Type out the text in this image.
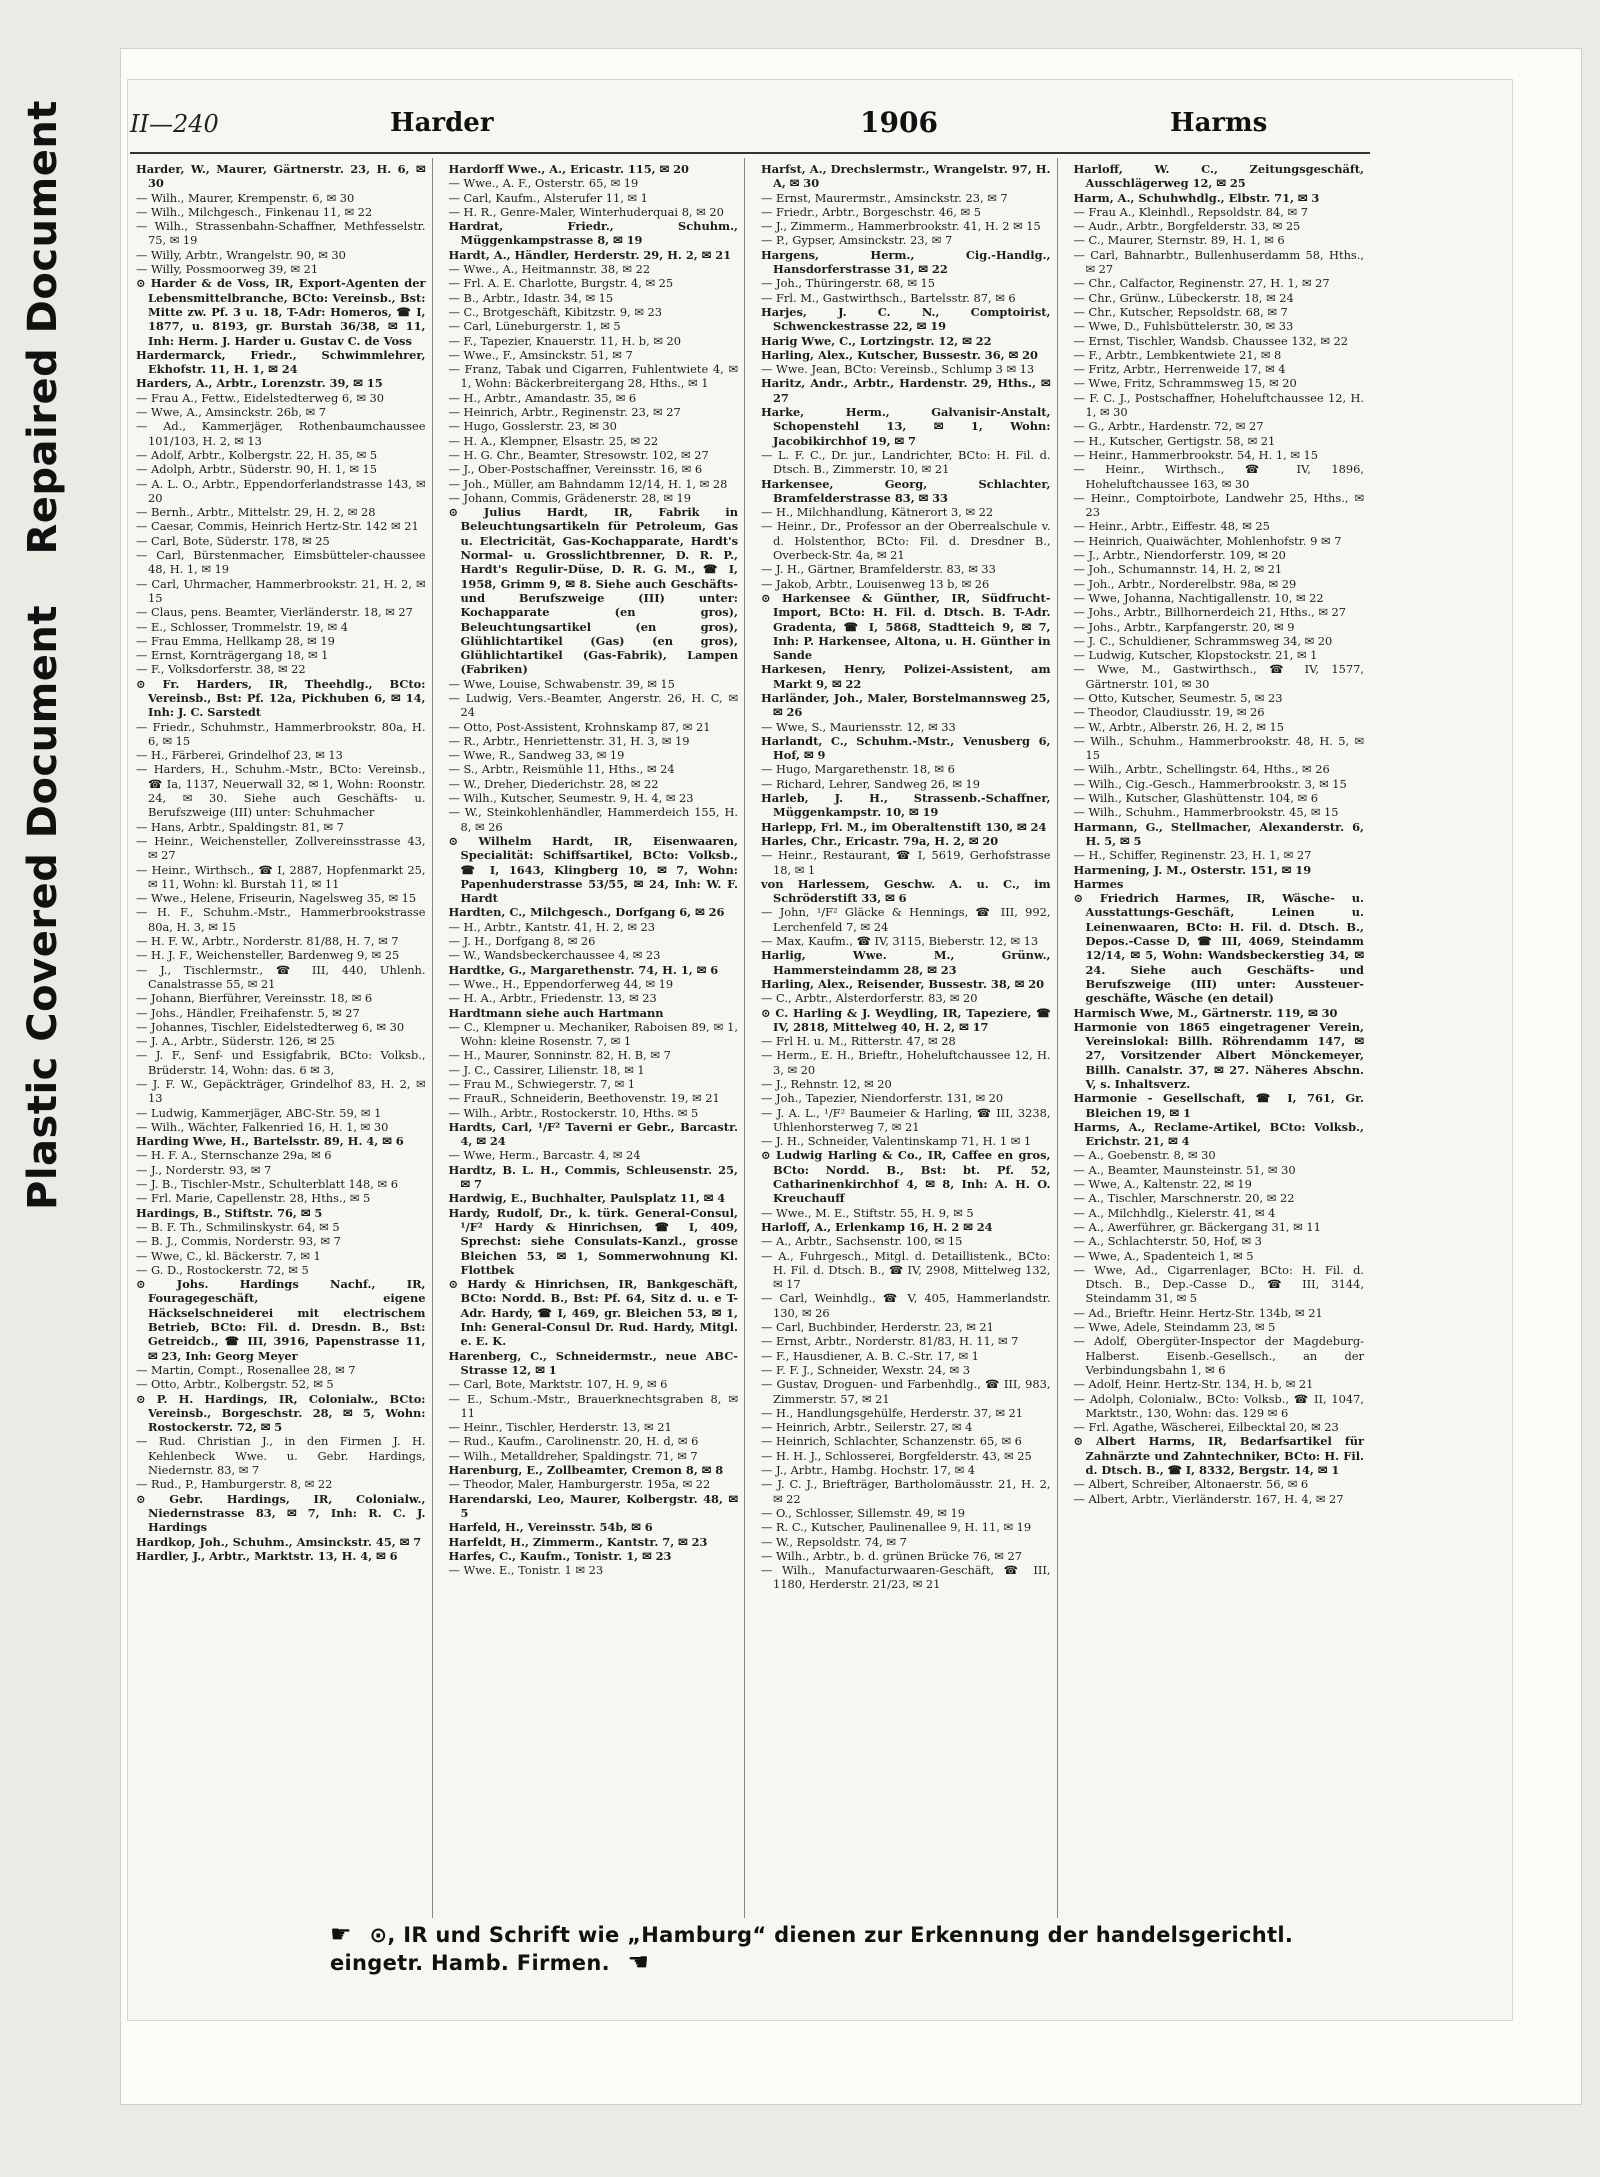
Plastic Covered Document Repaired Document	II—240	Harder	1906	Harms

Harder, W., Maurer, Gärtnerstr. 23, H. 6, ✉ 30

— Wilh., Maurer, Krempenstr. 6, ✉ 30

— Wilh., Milchgesch., Finkenau 11, ✉ 22

— Wilh., Strassenbahn-Schaffner, Methfesselstr. 75, ✉ 19

— Willy, Arbtr., Wrangelstr. 90, ✉ 30

— Willy, Possmoorweg 39, ✉ 21

⊙ Harder & de Voss, IR, Export-Agenten der Lebensmittelbranche, BCto: Vereinsb., Bst: Mitte zw. Pf. 3 u. 18, T-Adr: Homeros, ☎ I, 1877, u. 8193, gr. Burstah 36/38, ✉ 11, Inh: Herm. J. Harder u. Gustav C. de Voss

Hardermarck, Friedr., Schwimmlehrer, Ekhofstr. 11, H. 1, ✉ 24

Harders, A., Arbtr., Lorenzstr. 39, ✉ 15

— Frau A., Fettw., Eidelstedterweg 6, ✉ 30

— Wwe, A., Amsinckstr. 26b, ✉ 7

— Ad., Kammerjäger, Rothenbaumchaussee 101/103, H. 2, ✉ 13

— Adolf, Arbtr., Kolbergstr. 22, H. 35, ✉ 5

— Adolph, Arbtr., Süderstr. 90, H. 1, ✉ 15

— A. L. O., Arbtr., Eppendorferlandstrasse 143, ✉ 20

— Bernh., Arbtr., Mittelstr. 29, H. 2, ✉ 28

— Caesar, Commis, Heinrich Hertz-Str. 142 ✉ 21

— Carl, Bote, Süderstr. 178, ✉ 25

— Carl, Bürstenmacher, Eimsbütteler-chaussee 48, H. 1, ✉ 19

— Carl, Uhrmacher, Hammerbrookstr. 21, H. 2, ✉ 15

— Claus, pens. Beamter, Vierländerstr. 18, ✉ 27

— E., Schlosser, Trommelstr. 19, ✉ 4

— Frau Emma, Hellkamp 28, ✉ 19

— Ernst, Kornträgergang 18, ✉ 1

— F., Volksdorferstr. 38, ✉ 22

⊙ Fr. Harders, IR, Theehdlg., BCto: Vereinsb., Bst: Pf. 12a, Pickhuben 6, ✉ 14, Inh: J. C. Sarstedt

— Friedr., Schuhmstr., Hammerbrookstr. 80a, H. 6, ✉ 15

— H., Färberei, Grindelhof 23, ✉ 13

— Harders, H., Schuhm.-Mstr., BCto: Vereinsb., ☎ Ia, 1137, Neuerwall 32, ✉ 1, Wohn: Roonstr. 24, ✉ 30. Siehe auch Geschäfts- u. Berufszweige (III) unter: Schuhmacher

— Hans, Arbtr., Spaldingstr. 81, ✉ 7

— Heinr., Weichensteller, Zollvereinsstrasse 43, ✉ 27

— Heinr., Wirthsch., ☎ I, 2887, Hopfenmarkt 25, ✉ 11, Wohn: kl. Burstah 11, ✉ 11

— Wwe., Helene, Friseurin, Nagelsweg 35, ✉ 15

— H. F., Schuhm.-Mstr., Hammerbrookstrasse 80a, H. 3, ✉ 15

— H. F. W., Arbtr., Norderstr. 81/88, H. 7, ✉ 7

— H. J. F., Weichensteller, Bardenweg 9, ✉ 25

— J., Tischlermstr., ☎ III, 440, Uhlenh. Canalstrasse 55, ✉ 21

— Johann, Bierführer, Vereinsstr. 18, ✉ 6

— Johs., Händler, Freihafenstr. 5, ✉ 27

— Johannes, Tischler, Eidelstedterweg 6, ✉ 30

— J. A., Arbtr., Süderstr. 126, ✉ 25

— J. F., Senf- und Essigfabrik, BCto: Volksb., Brüderstr. 14, Wohn: das. 6 ✉ 3,

— J. F. W., Gepäckträger, Grindelhof 83, H. 2, ✉ 13

— Ludwig, Kammerjäger, ABC-Str. 59, ✉ 1

— Wilh., Wächter, Falkenried 16, H. 1, ✉ 30

Harding Wwe, H., Bartelsstr. 89, H. 4, ✉ 6

— H. F. A., Sternschanze 29a, ✉ 6

— J., Norderstr. 93, ✉ 7

— J. B., Tischler-Mstr., Schulterblatt 148, ✉ 6

— Frl. Marie, Capellenstr. 28, Hths., ✉ 5

Hardings, B., Stiftstr. 76, ✉ 5

— B. F. Th., Schmilinskystr. 64, ✉ 5

— B. J., Commis, Norderstr. 93, ✉ 7

— Wwe, C., kl. Bäckerstr. 7, ✉ 1

— G. D., Rostockerstr. 72, ✉ 5

⊙ Johs. Hardings Nachf., IR, Fouragegeschäft, eigene Häckselschneiderei mit electrischem Betrieb, BCto: Fil. d. Dresdn. B., Bst: Getreidcb., ☎ III, 3916, Papenstrasse 11, ✉ 23, Inh: Georg Meyer

— Martin, Compt., Rosenallee 28, ✉ 7

— Otto, Arbtr., Kolbergstr. 52, ✉ 5

⊙ P. H. Hardings, IR, Colonialw., BCto: Vereinsb., Borgeschstr. 28, ✉ 5, Wohn: Rostockerstr. 72, ✉ 5

— Rud. Christian J., in den Firmen J. H. Kehlenbeck Wwe. u. Gebr. Hardings, Niedernstr. 83, ✉ 7

— Rud., P., Hamburgerstr. 8, ✉ 22

⊙ Gebr. Hardings, IR, Colonialw., Niedernstrasse 83, ✉ 7, Inh: R. C. J. Hardings

Hardkop, Joh., Schuhm., Amsinckstr. 45, ✉ 7

Hardler, J., Arbtr., Marktstr. 13, H. 4, ✉ 6

Hardorff Wwe., A., Ericastr. 115, ✉ 20

— Wwe., A. F., Osterstr. 65, ✉ 19

— Carl, Kaufm., Alsterufer 11, ✉ 1

— H. R., Genre-Maler, Winterhuderquai 8, ✉ 20

Hardrat, Friedr., Schuhm., Müggenkampstrasse 8, ✉ 19

Hardt, A., Händler, Herderstr. 29, H. 2, ✉ 21

— Wwe., A., Heitmannstr. 38, ✉ 22

— Frl. A. E. Charlotte, Burgstr. 4, ✉ 25

— B., Arbtr., Idastr. 34, ✉ 15

— C., Brotgeschäft, Kibitzstr. 9, ✉ 23

— Carl, Lüneburgerstr. 1, ✉ 5

— F., Tapezier, Knauerstr. 11, H. b, ✉ 20

— Wwe., F., Amsinckstr. 51, ✉ 7

— Franz, Tabak und Cigarren, Fuhlentwiete 4, ✉ 1, Wohn: Bäckerbreitergang 28, Hths., ✉ 1

— H., Arbtr., Amandastr. 35, ✉ 6

— Heinrich, Arbtr., Reginenstr. 23, ✉ 27

— Hugo, Gosslerstr. 23, ✉ 30

— H. A., Klempner, Elsastr. 25, ✉ 22

— H. G. Chr., Beamter, Stresowstr. 102, ✉ 27

— J., Ober-Postschaffner, Vereinsstr. 16, ✉ 6

— Joh., Müller, am Bahndamm 12/14, H. 1, ✉ 28

— Johann, Commis, Grädenerstr. 28, ✉ 19

⊙ Julius Hardt, IR, Fabrik in Beleuchtungsartikeln für Petroleum, Gas u. Electricität, Gas-Kochapparate, Hardt's Normal- u. Grosslichtbrenner, D. R. P., Hardt's Regulir-Düse, D. R. G. M., ☎ I, 1958, Grimm 9, ✉ 8. Siehe auch Geschäfts- und Berufszweige (III) unter: Kochapparate (en gros), Beleuchtungsartikel (en gros), Glühlichtartikel (Gas) (en gros), Glühlichtartikel (Gas-Fabrik), Lampen (Fabriken)

— Wwe, Louise, Schwabenstr. 39, ✉ 15

— Ludwig, Vers.-Beamter, Angerstr. 26, H. C, ✉ 24

— Otto, Post-Assistent, Krohnskamp 87, ✉ 21

— R., Arbtr., Henriettenstr. 31, H. 3, ✉ 19

— Wwe, R., Sandweg 33, ✉ 19

— S., Arbtr., Reismühle 11, Hths., ✉ 24

— W., Dreher, Diederichstr. 28, ✉ 22

— Wilh., Kutscher, Seumestr. 9, H. 4, ✉ 23

— W., Steinkohlenhändler, Hammerdeich 155, H. 8, ✉ 26

⊙ Wilhelm Hardt, IR, Eisenwaaren, Specialität: Schiffsartikel, BCto: Volksb., ☎ I, 1643, Klingberg 10, ✉ 7, Wohn: Papenhuderstrasse 53/55, ✉ 24, Inh: W. F. Hardt

Hardten, C., Milchgesch., Dorfgang 6, ✉ 26

— H., Arbtr., Kantstr. 41, H. 2, ✉ 23

— J. H., Dorfgang 8, ✉ 26

— W., Wandsbeckerchaussee 4, ✉ 23

Hardtke, G., Margarethenstr. 74, H. 1, ✉ 6

— Wwe., H., Eppendorferweg 44, ✉ 19

— H. A., Arbtr., Friedenstr. 13, ✉ 23

Hardtmann siehe auch Hartmann

— C., Klempner u. Mechaniker, Raboisen 89, ✉ 1, Wohn: kleine Rosenstr. 7, ✉ 1

— H., Maurer, Sonninstr. 82, H. B, ✉ 7

— J. C., Cassirer, Lilienstr. 18, ✉ 1

— Frau M., Schwiegerstr. 7, ✉ 1

— FrauR., Schneiderin, Beethovenstr. 19, ✉ 21

— Wilh., Arbtr., Rostockerstr. 10, Hths. ✉ 5

Hardts, Carl, ¹/F² Taverni er Gebr., Barcastr. 4, ✉ 24

— Wwe, Herm., Barcastr. 4, ✉ 24

Hardtz, B. L. H., Commis, Schleusenstr. 25, ✉ 7

Hardwig, E., Buchhalter, Paulsplatz 11, ✉ 4

Hardy, Rudolf, Dr., k. türk. General-Consul, ¹/F² Hardy & Hinrichsen, ☎ I, 409, Sprechst: siehe Consulats-Kanzl., grosse Bleichen 53, ✉ 1, Sommerwohnung Kl. Flottbek

⊙ Hardy & Hinrichsen, IR, Bankgeschäft, BCto: Nordd. B., Bst: Pf. 64, Sitz d. u. e T-Adr. Hardy, ☎ I, 469, gr. Bleichen 53, ✉ 1, Inh: General-Consul Dr. Rud. Hardy, Mitgl. e. E. K.

Harenberg, C., Schneidermstr., neue ABC-Strasse 12, ✉ 1

— Carl, Bote, Marktstr. 107, H. 9, ✉ 6

— E., Schum.-Mstr., Brauerknechtsgraben 8, ✉ 11

— Heinr., Tischler, Herderstr. 13, ✉ 21

— Rud., Kaufm., Carolinenstr. 20, H. d, ✉ 6

— Wilh., Metalldreher, Spaldingstr. 71, ✉ 7

Harenburg, E., Zollbeamter, Cremon 8, ✉ 8

— Theodor, Maler, Hamburgerstr. 195a, ✉ 22

Harendarski, Leo, Maurer, Kolbergstr. 48, ✉ 5

Harfeld, H., Vereinsstr. 54b, ✉ 6

Harfeldt, H., Zimmerm., Kantstr. 7, ✉ 23

Harfes, C., Kaufm., Tonistr. 1, ✉ 23

— Wwe. E., Tonistr. 1 ✉ 23

Harfst, A., Drechslermstr., Wrangelstr. 97, H. A, ✉ 30

— Ernst, Maurermstr., Amsinckstr. 23, ✉ 7

— Friedr., Arbtr., Borgeschstr. 46, ✉ 5

— J., Zimmerm., Hammerbrookstr. 41, H. 2 ✉ 15

— P., Gypser, Amsinckstr. 23, ✉ 7

Hargens, Herm., Cig.-Handlg., Hansdorferstrasse 31, ✉ 22

— Joh., Thüringerstr. 68, ✉ 15

— Frl. M., Gastwirthsch., Bartelsstr. 87, ✉ 6

Harjes, J. C. N., Comptoirist, Schwenckestrasse 22, ✉ 19

Harig Wwe, C., Lortzingstr. 12, ✉ 22

Harling, Alex., Kutscher, Bussestr. 36, ✉ 20

— Wwe. Jean, BCto: Vereinsb., Schlump 3 ✉ 13

Haritz, Andr., Arbtr., Hardenstr. 29, Hths., ✉ 27

Harke, Herm., Galvanisir-Anstalt, Schopenstehl 13, ✉ 1, Wohn: Jacobikirchhof 19, ✉ 7

— L. F. C., Dr. jur., Landrichter, BCto: H. Fil. d. Dtsch. B., Zimmerstr. 10, ✉ 21

Harkensee, Georg, Schlachter, Bramfelderstrasse 83, ✉ 33

— H., Milchhandlung, Kätnerort 3, ✉ 22

— Heinr., Dr., Professor an der Oberrealschule v. d. Holstenthor, BCto: Fil. d. Dresdner B., Overbeck-Str. 4a, ✉ 21

— J. H., Gärtner, Bramfelderstr. 83, ✉ 33

— Jakob, Arbtr., Louisenweg 13 b, ✉ 26

⊙ Harkensee & Günther, IR, Südfrucht-Import, BCto: H. Fil. d. Dtsch. B. T-Adr. Gradenta, ☎ I, 5868, Stadtteich 9, ✉ 7, Inh: P. Harkensee, Altona, u. H. Günther in Sande

Harkesen, Henry, Polizei-Assistent, am Markt 9, ✉ 22

Harländer, Joh., Maler, Borstelmannsweg 25, ✉ 26

— Wwe, S., Mauriensstr. 12, ✉ 33

Harlandt, C., Schuhm.-Mstr., Venusberg 6, Hof, ✉ 9

— Hugo, Margarethenstr. 18, ✉ 6

— Richard, Lehrer, Sandweg 26, ✉ 19

Harleb, J. H., Strassenb.-Schaffner, Müggenkampstr. 10, ✉ 19

Harlepp, Frl. M., im Oberaltenstift 130, ✉ 24

Harles, Chr., Ericastr. 79a, H. 2, ✉ 20

— Heinr., Restaurant, ☎ I, 5619, Gerhofstrasse 18, ✉ 1

von Harlessem, Geschw. A. u. C., im Schröderstift 33, ✉ 6

— John, ¹/F² Gläcke & Hennings, ☎ III, 992, Lerchenfeld 7, ✉ 24

— Max, Kaufm., ☎ IV, 3115, Bieberstr. 12, ✉ 13

Harlig, Wwe. M., Grünw., Hammersteindamm 28, ✉ 23

Harling, Alex., Reisender, Bussestr. 38, ✉ 20

— C., Arbtr., Alsterdorferstr. 83, ✉ 20

⊙ C. Harling & J. Weydling, IR, Tapeziere, ☎ IV, 2818, Mittelweg 40, H. 2, ✉ 17

— Frl H. u. M., Ritterstr. 47, ✉ 28

— Herm., E. H., Brieftr., Hoheluftchaussee 12, H. 3, ✉ 20

— J., Rehnstr. 12, ✉ 20

— Joh., Tapezier, Niendorferstr. 131, ✉ 20

— J. A. L., ¹/F² Baumeier & Harling, ☎ III, 3238, Uhlenhorsterweg 7, ✉ 21

— J. H., Schneider, Valentinskamp 71, H. 1 ✉ 1

⊙ Ludwig Harling & Co., IR, Caffee en gros, BCto: Nordd. B., Bst: bt. Pf. 52, Catharinenkirchhof 4, ✉ 8, Inh: A. H. O. Kreuchauff

— Wwe., M. E., Stiftstr. 55, H. 9, ✉ 5

Harloff, A., Erlenkamp 16, H. 2 ✉ 24

— A., Arbtr., Sachsenstr. 100, ✉ 15

— A., Fuhrgesch., Mitgl. d. Detaillistenk., BCto: H. Fil. d. Dtsch. B., ☎ IV, 2908, Mittelweg 132, ✉ 17

— Carl, Weinhdlg., ☎ V, 405, Hammerlandstr. 130, ✉ 26

— Carl, Buchbinder, Herderstr. 23, ✉ 21

— Ernst, Arbtr., Norderstr. 81/83, H. 11, ✉ 7

— F., Hausdiener, A. B. C.-Str. 17, ✉ 1

— F. F. J., Schneider, Wexstr. 24, ✉ 3

— Gustav, Droguen- und Farbenhdlg., ☎ III, 983, Zimmerstr. 57, ✉ 21

— H., Handlungsgehülfe, Herderstr. 37, ✉ 21

— Heinrich, Arbtr., Seilerstr. 27, ✉ 4

— Heinrich, Schlachter, Schanzenstr. 65, ✉ 6

— H. H. J., Schlosserei, Borgfelderstr. 43, ✉ 25

— J., Arbtr., Hambg. Hochstr. 17, ✉ 4

— J. C. J., Briefträger, Bartholomäusstr. 21, H. 2, ✉ 22

— O., Schlosser, Sillemstr. 49, ✉ 19

— R. C., Kutscher, Paulinenallee 9, H. 11, ✉ 19

— W., Repsoldstr. 74, ✉ 7

— Wilh., Arbtr., b. d. grünen Brücke 76, ✉ 27

— Wilh., Manufacturwaaren-Geschäft, ☎ III, 1180, Herderstr. 21/23, ✉ 21

Harloff, W. C., Zeitungsgeschäft, Ausschlägerweg 12, ✉ 25

Harm, A., Schuhwhdlg., Elbstr. 71, ✉ 3

— Frau A., Kleinhdl., Repsoldstr. 84, ✉ 7

— Audr., Arbtr., Borgfelderstr. 33, ✉ 25

— C., Maurer, Sternstr. 89, H. 1, ✉ 6

— Carl, Bahnarbtr., Bullenhuserdamm 58, Hths., ✉ 27

— Chr., Calfactor, Reginenstr. 27, H. 1, ✉ 27

— Chr., Grünw., Lübeckerstr. 18, ✉ 24

— Chr., Kutscher, Repsoldstr. 68, ✉ 7

— Wwe, D., Fuhlsbüttelerstr. 30, ✉ 33

— Ernst, Tischler, Wandsb. Chaussee 132, ✉ 22

— F., Arbtr., Lembkentwiete 21, ✉ 8

— Fritz, Arbtr., Herrenweide 17, ✉ 4

— Wwe, Fritz, Schrammsweg 15, ✉ 20

— F. C. J., Postschaffner, Hoheluftchaussee 12, H. 1, ✉ 30

— G., Arbtr., Hardenstr. 72, ✉ 27

— H., Kutscher, Gertigstr. 58, ✉ 21

— Heinr., Hammerbrookstr. 54, H. 1, ✉ 15

— Heinr., Wirthsch., ☎ IV, 1896, Hoheluftchaussee 163, ✉ 30

— Heinr., Comptoirbote, Landwehr 25, Hths., ✉ 23

— Heinr., Arbtr., Eiffestr. 48, ✉ 25

— Heinrich, Quaiwächter, Mohlenhofstr. 9 ✉ 7

— J., Arbtr., Niendorferstr. 109, ✉ 20

— Joh., Schumannstr. 14, H. 2, ✉ 21

— Joh., Arbtr., Norderelbstr. 98a, ✉ 29

— Wwe, Johanna, Nachtigallenstr. 10, ✉ 22

— Johs., Arbtr., Billhornerdeich 21, Hths., ✉ 27

— Johs., Arbtr., Karpfangerstr. 20, ✉ 9

— J. C., Schuldiener, Schrammsweg 34, ✉ 20

— Ludwig, Kutscher, Klopstockstr. 21, ✉ 1

— Wwe, M., Gastwirthsch., ☎ IV, 1577, Gärtnerstr. 101, ✉ 30

— Otto, Kutscher, Seumestr. 5, ✉ 23

— Theodor, Claudiusstr. 19, ✉ 26

— W., Arbtr., Alberstr. 26, H. 2, ✉ 15

— Wilh., Schuhm., Hammerbrookstr. 48, H. 5, ✉ 15

— Wilh., Arbtr., Schellingstr. 64, Hths., ✉ 26

— Wilh., Cig.-Gesch., Hammerbrookstr. 3, ✉ 15

— Wilh., Kutscher, Glashüttenstr. 104, ✉ 6

— Wilh., Schuhm., Hammerbrookstr. 45, ✉ 15

Harmann, G., Stellmacher, Alexanderstr. 6, H. 5, ✉ 5

— H., Schiffer, Reginenstr. 23, H. 1, ✉ 27

Harmening, J. M., Osterstr. 151, ✉ 19

Harmes

⊙ Friedrich Harmes, IR, Wäsche- u. Ausstattungs-Geschäft, Leinen u. Leinenwaaren, BCto: H. Fil. d. Dtsch. B., Depos.-Casse D, ☎ III, 4069, Steindamm 12/14, ✉ 5, Wohn: Wandsbeckerstieg 34, ✉ 24. Siehe auch Geschäfts- und Berufszweige (III) unter: Aussteuer-geschäfte, Wäsche (en detail)

Harmisch Wwe, M., Gärtnerstr. 119, ✉ 30

Harmonie von 1865 eingetragener Verein, Vereinslokal: Billh. Röhrendamm 147, ✉ 27, Vorsitzender Albert Mönckemeyer, Billh. Canalstr. 37, ✉ 27. Näheres Abschn. V, s. Inhaltsverz.

Harmonie - Gesellschaft, ☎ I, 761, Gr. Bleichen 19, ✉ 1

Harms, A., Reclame-Artikel, BCto: Volksb., Erichstr. 21, ✉ 4

— A., Goebenstr. 8, ✉ 30

— A., Beamter, Maunsteinstr. 51, ✉ 30

— Wwe, A., Kaltenstr. 22, ✉ 19

— A., Tischler, Marschnerstr. 20, ✉ 22

— A., Milchhdlg., Kielerstr. 41, ✉ 4

— A., Awerführer, gr. Bäckergang 31, ✉ 11

— A., Schlachterstr. 50, Hof, ✉ 3

— Wwe, A., Spadenteich 1, ✉ 5

— Wwe, Ad., Cigarrenlager, BCto: H. Fil. d. Dtsch. B., Dep.-Casse D., ☎ III, 3144, Steindamm 31, ✉ 5

— Ad., Brieftr. Heinr. Hertz-Str. 134b, ✉ 21

— Wwe, Adele, Steindamm 23, ✉ 5

— Adolf, Obergüter-Inspector der Magdeburg-Halberst. Eisenb.-Gesellsch., an der Verbindungsbahn 1, ✉ 6

— Adolf, Heinr. Hertz-Str. 134, H. b, ✉ 21

— Adolph, Colonialw., BCto: Volksb., ☎ II, 1047, Marktstr., 130, Wohn: das. 129 ✉ 6

— Frl. Agathe, Wäscherei, Eilbecktal 20, ✉ 23

⊙ Albert Harms, IR, Bedarfsartikel für Zahnärzte und Zahntechniker, BCto: H. Fil. d. Dtsch. B., ☎ I, 8332, Bergstr. 14, ✉ 1

— Albert, Schreiber, Altonaerstr. 56, ✉ 6

— Albert, Arbtr., Vierländerstr. 167, H. 4, ✉ 27

☛ ⊙, IR und Schrift wie „Hamburg“ dienen zur Erkennung der handelsgerichtl. eingetr. Hamb. Firmen. ☚
